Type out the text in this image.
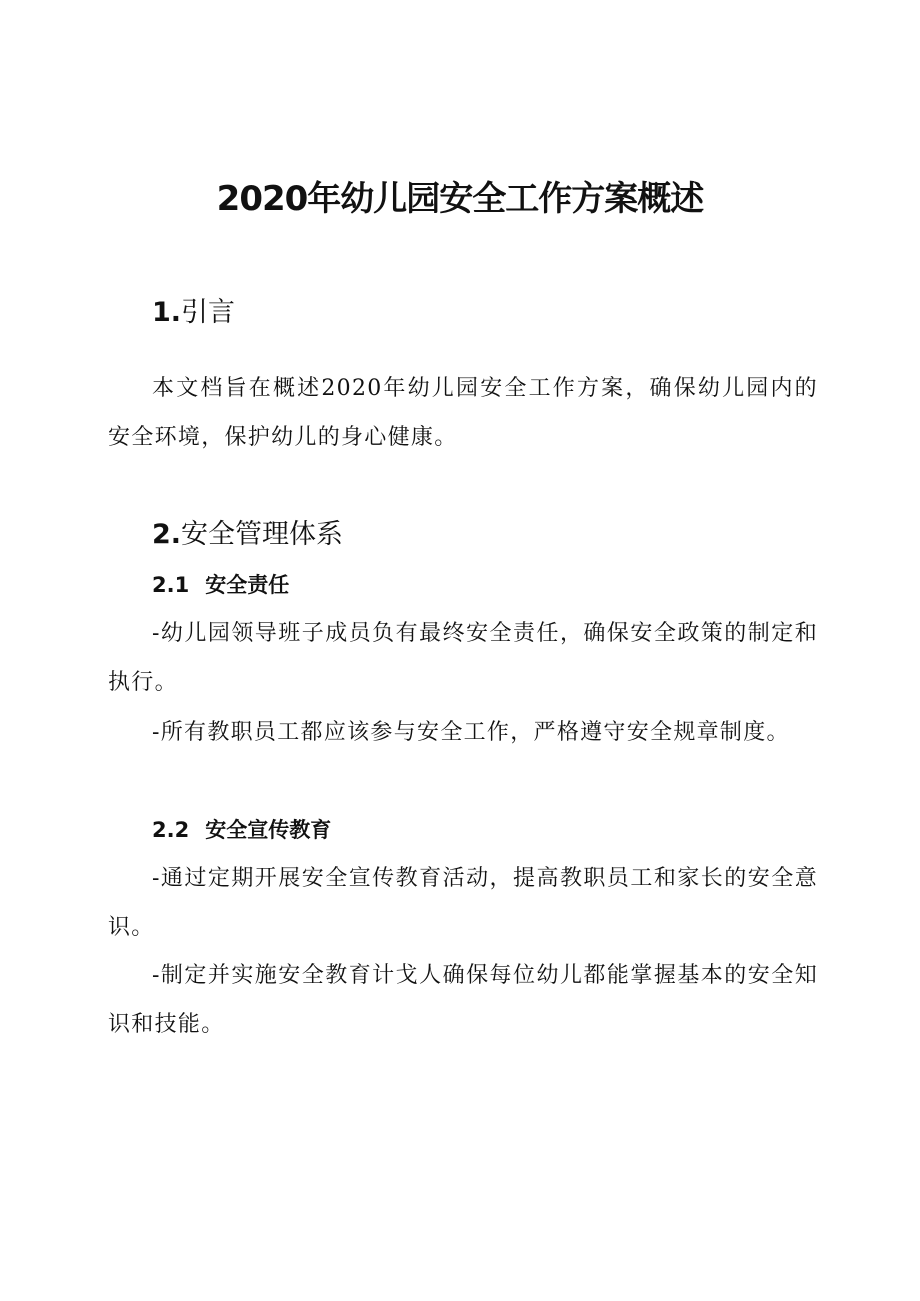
2020年幼儿园安全工作方案概述
1.引言

本文档旨在概述2020年幼儿园安全工作方案，确保幼儿园内的安全环境，保护幼儿的身心健康。

2.安全管理体系
2.1 安全责任

-幼儿园领导班子成员负有最终安全责任，确保安全政策的制定和执行。

-所有教职员工都应该参与安全工作，严格遵守安全规章制度。

2.2 安全宣传教育

-通过定期开展安全宣传教育活动，提高教职员工和家长的安全意识。

-制定并实施安全教育计戈人确保每位幼儿都能掌握基本的安全知识和技能。
